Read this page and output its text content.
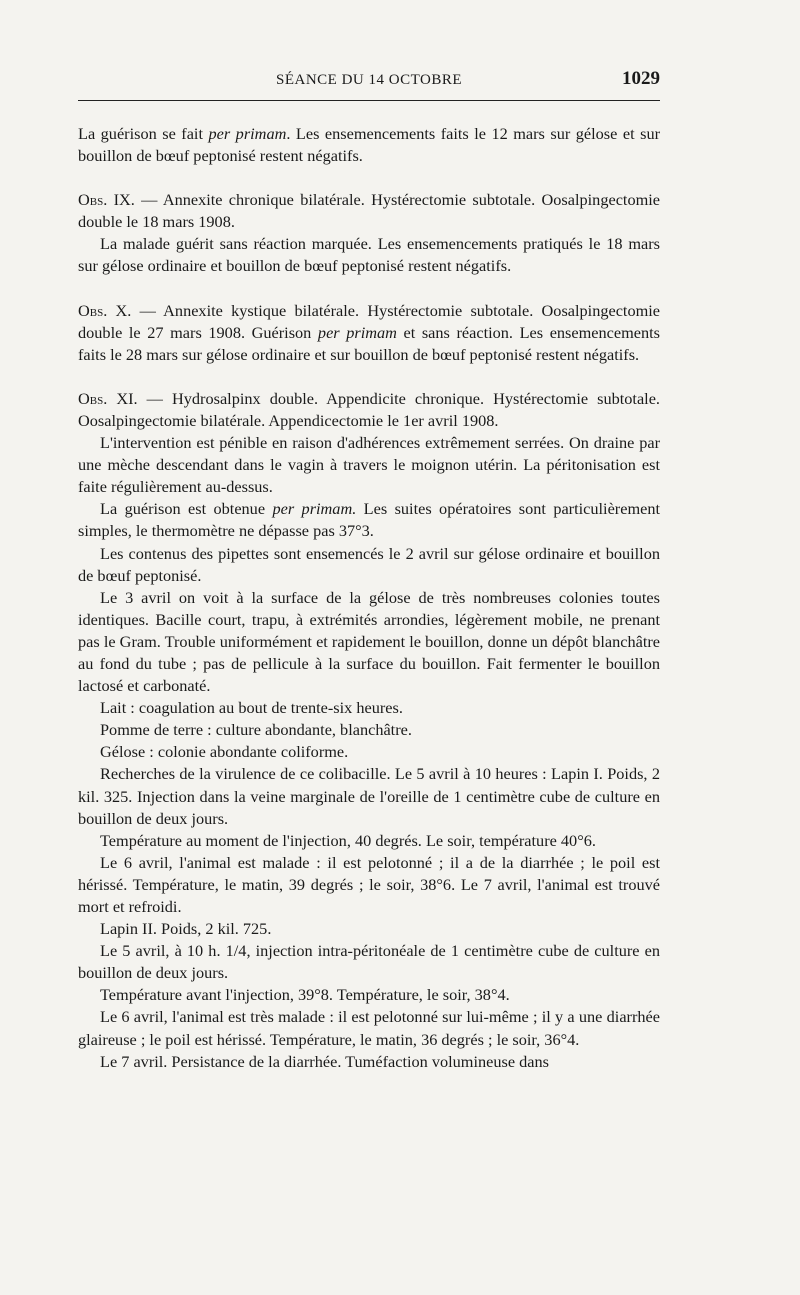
SÉANCE DU 14 OCTOBRE	1029

La guérison se fait per primam. Les ensemencements faits le 12 mars sur gélose et sur bouillon de bœuf peptonisé restent négatifs.

Obs. IX. — Annexite chronique bilatérale. Hystérectomie subtotale. Oosalpingectomie double le 18 mars 1908.

La malade guérit sans réaction marquée. Les ensemencements pratiqués le 18 mars sur gélose ordinaire et bouillon de bœuf peptonisé restent négatifs.

Obs. X. — Annexite kystique bilatérale. Hystérectomie subtotale. Oosalpingectomie double le 27 mars 1908. Guérison per primam et sans réaction. Les ensemencements faits le 28 mars sur gélose ordinaire et sur bouillon de bœuf peptonisé restent négatifs.

Obs. XI. — Hydrosalpinx double. Appendicite chronique. Hystérectomie subtotale. Oosalpingectomie bilatérale. Appendicectomie le 1er avril 1908.

L'intervention est pénible en raison d'adhérences extrêmement serrées. On draine par une mèche descendant dans le vagin à travers le moignon utérin. La péritonisation est faite régulièrement au-dessus.

La guérison est obtenue per primam. Les suites opératoires sont particulièrement simples, le thermomètre ne dépasse pas 37°3.

Les contenus des pipettes sont ensemencés le 2 avril sur gélose ordinaire et bouillon de bœuf peptonisé.

Le 3 avril on voit à la surface de la gélose de très nombreuses colonies toutes identiques. Bacille court, trapu, à extrémités arrondies, légèrement mobile, ne prenant pas le Gram. Trouble uniformément et rapidement le bouillon, donne un dépôt blanchâtre au fond du tube ; pas de pellicule à la surface du bouillon. Fait fermenter le bouillon lactosé et carbonaté.

Lait : coagulation au bout de trente-six heures.

Pomme de terre : culture abondante, blanchâtre.

Gélose : colonie abondante coliforme.

Recherches de la virulence de ce colibacille. Le 5 avril à 10 heures : Lapin I. Poids, 2 kil. 325. Injection dans la veine marginale de l'oreille de 1 centimètre cube de culture en bouillon de deux jours.

Température au moment de l'injection, 40 degrés. Le soir, température 40°6.

Le 6 avril, l'animal est malade : il est pelotonné ; il a de la diarrhée ; le poil est hérissé. Température, le matin, 39 degrés ; le soir, 38°6. Le 7 avril, l'animal est trouvé mort et refroidi.

Lapin II. Poids, 2 kil. 725.

Le 5 avril, à 10 h. 1/4, injection intra-péritonéale de 1 centimètre cube de culture en bouillon de deux jours.

Température avant l'injection, 39°8. Température, le soir, 38°4.

Le 6 avril, l'animal est très malade : il est pelotonné sur lui-même ; il y a une diarrhée glaireuse ; le poil est hérissé. Température, le matin, 36 degrés ; le soir, 36°4.

Le 7 avril. Persistance de la diarrhée. Tuméfaction volumineuse dans
